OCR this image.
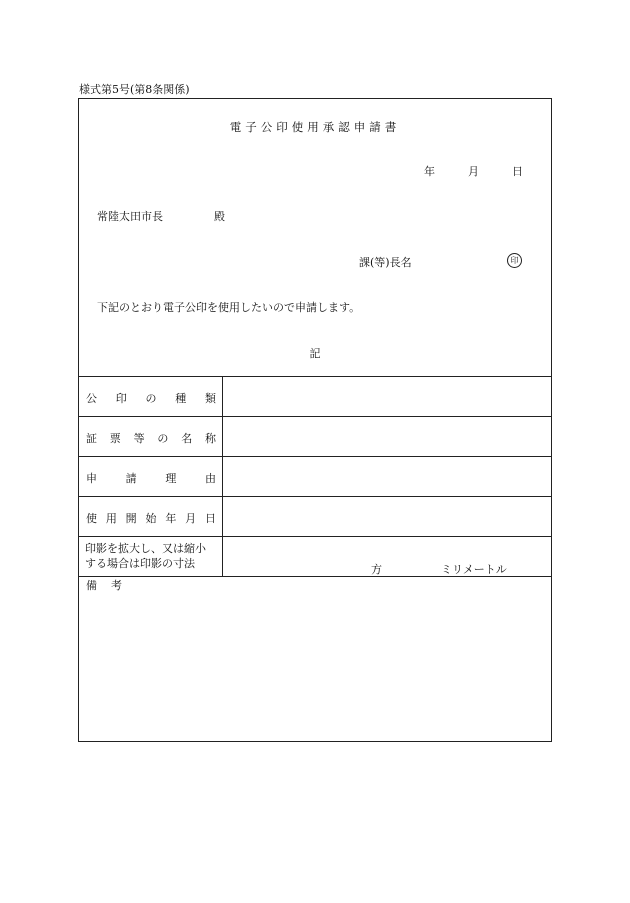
様式第5号(第8条関係)
電子公印使用承認申請書
年	月	日
常陸太田市長	殿
課(等)長名	印
下記のとおり電子公印を使用したいので申請します。
記
公 印 の 種 類
証 票 等 の 名 称
申	請	理	由
使 用 開 始 年 月 日
印影を拡大し、又は縮小
する場合は印影の寸法	方	ミリメートル
備考
